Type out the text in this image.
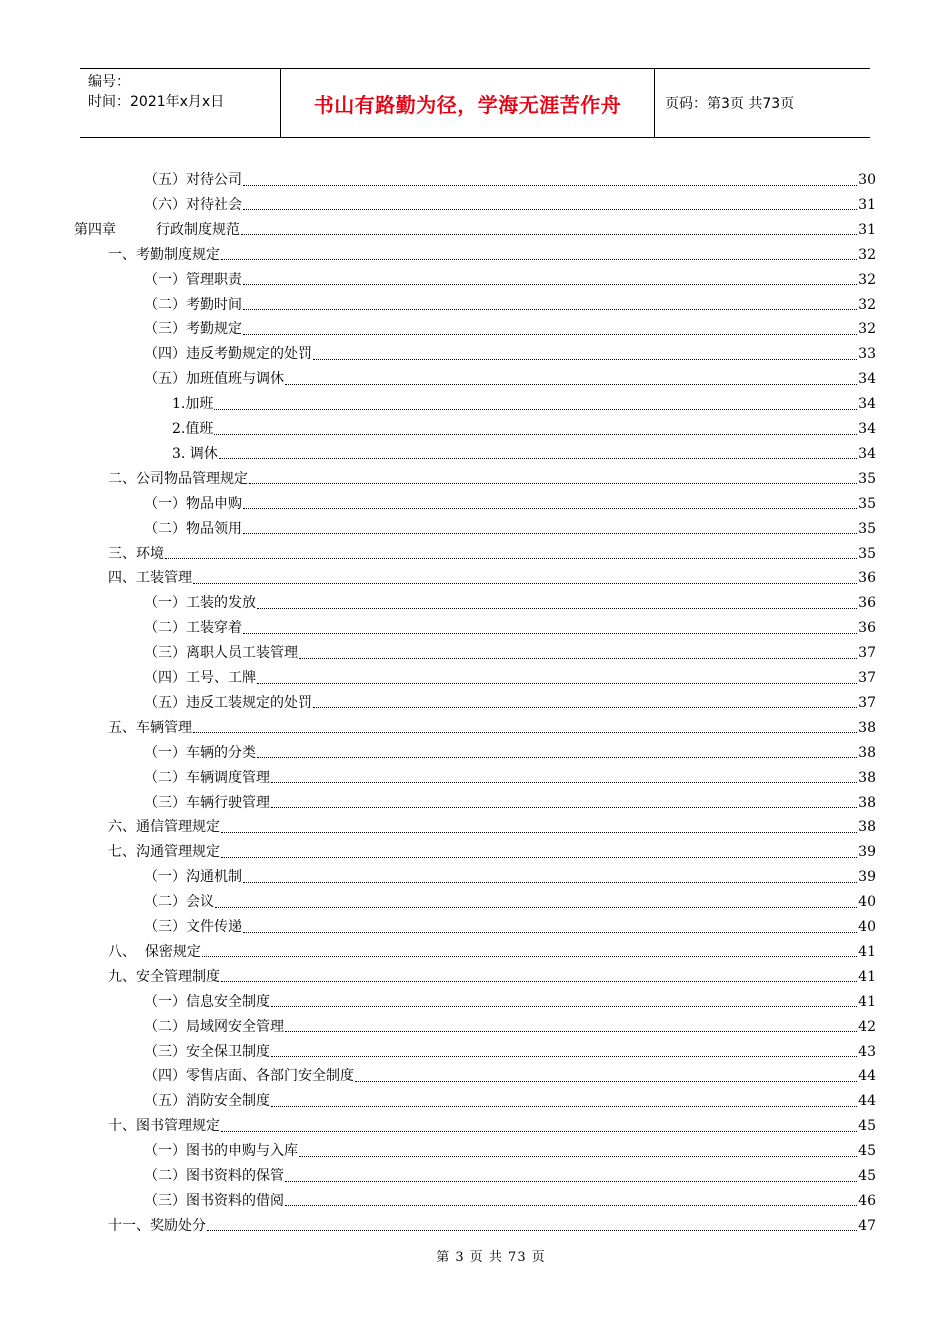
编号：
时间：2021年x月x日	书山有路勤为径，学海无涯苦作舟	页码：第3页 共73页
（五）对待公司	30
（六）对待社会	31
第四章         行政制度规范	31
一、考勤制度规定	32
（一）管理职责	32
（二）考勤时间	32
（三）考勤规定	32
（四）违反考勤规定的处罚	33
（五）加班值班与调休	34
1.加班	34
2.值班	34
3. 调休	34
二、公司物品管理规定	35
（一）物品申购	35
（二）物品领用	35
三、环境	35
四、工装管理	36
（一）工装的发放	36
（二）工装穿着	36
（三）离职人员工装管理	37
（四）工号、工牌	37
（五）违反工装规定的处罚	37
五、车辆管理	38
（一）车辆的分类	38
（二）车辆调度管理	38
（三）车辆行驶管理	38
六、通信管理规定	38
七、沟通管理规定	39
（一）沟通机制	39
（二）会议	40
（三）文件传递	40
八、  保密规定	41
九、安全管理制度	41
（一）信息安全制度	41
（二）局域网安全管理	42
（三）安全保卫制度	43
（四）零售店面、各部门安全制度	44
（五）消防安全制度	44
十、图书管理规定	45
（一）图书的申购与入库	45
（二）图书资料的保管	45
（三）图书资料的借阅	46
十一、奖励处分	47
第 3 页 共 73 页
